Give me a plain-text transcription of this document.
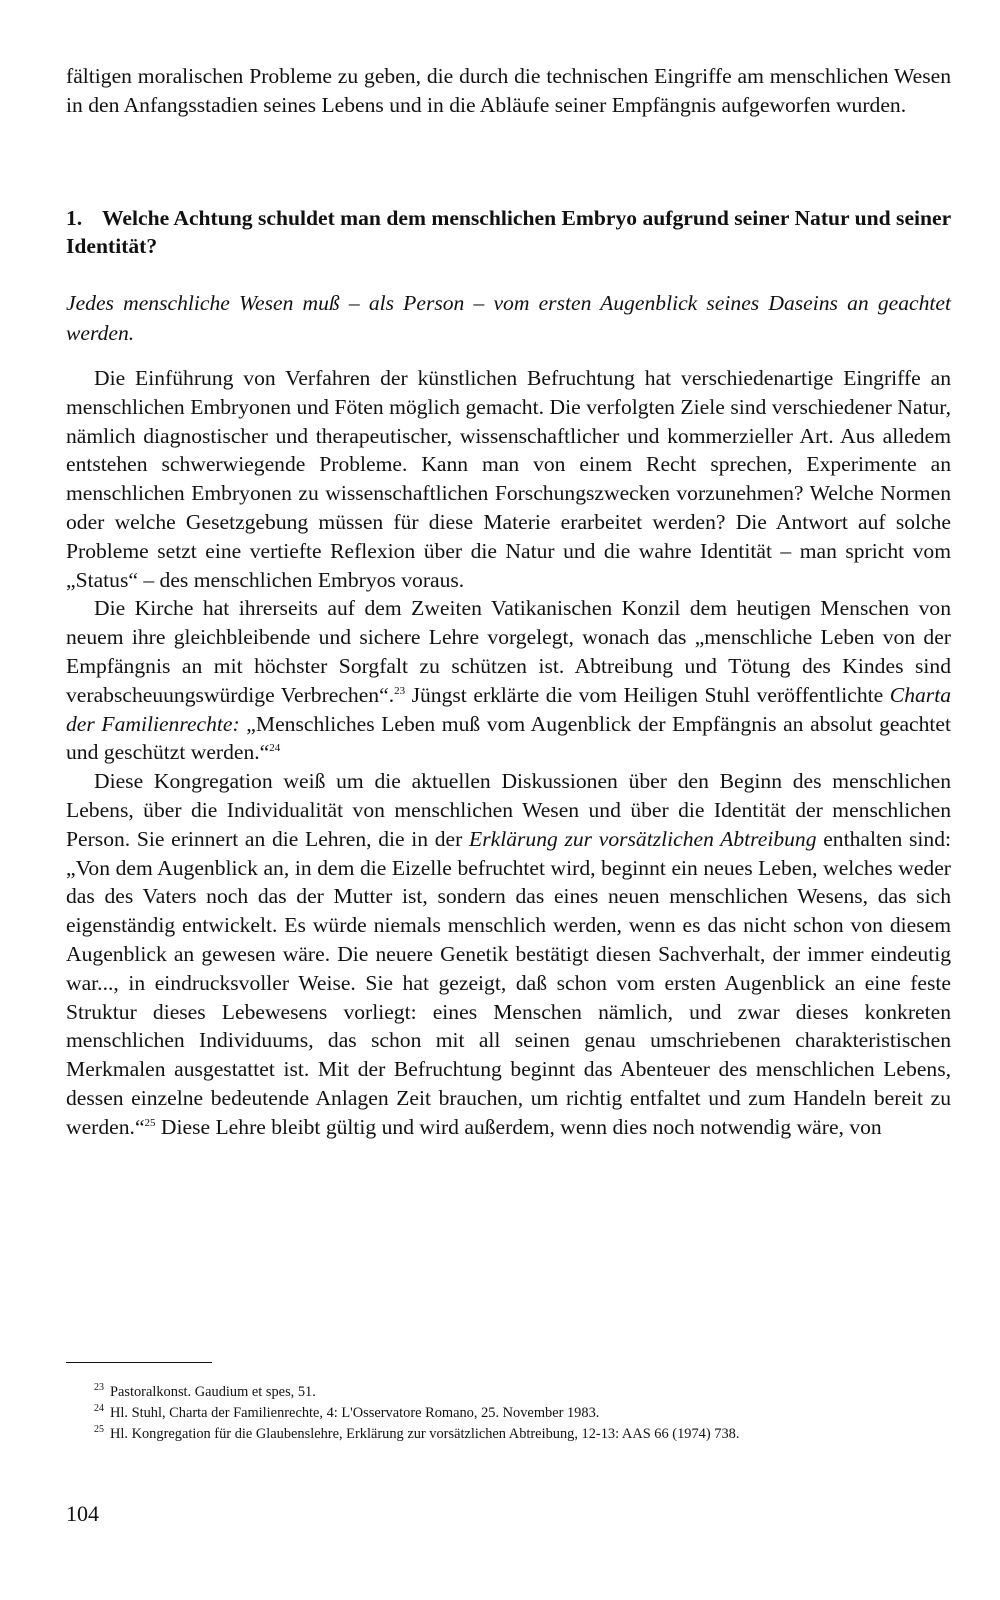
fältigen moralischen Probleme zu geben, die durch die technischen Eingriffe am menschlichen Wesen in den Anfangsstadien seines Lebens und in die Abläufe seiner Empfängnis aufgeworfen wurden.

1. Welche Achtung schuldet man dem menschlichen Embryo aufgrund seiner Natur und seiner Identität?

Jedes menschliche Wesen muß – als Person – vom ersten Augenblick seines Daseins an geachtet werden.

Die Einführung von Verfahren der künstlichen Befruchtung hat verschiedenartige Eingriffe an menschlichen Embryonen und Föten möglich gemacht. Die verfolgten Ziele sind verschiedener Natur, nämlich diagnostischer und therapeutischer, wissenschaftlicher und kommerzieller Art. Aus alledem entstehen schwerwiegende Probleme. Kann man von einem Recht sprechen, Experimente an menschlichen Embryonen zu wissenschaftlichen Forschungszwecken vorzunehmen? Welche Normen oder welche Gesetzgebung müssen für diese Materie erarbeitet werden? Die Antwort auf solche Probleme setzt eine vertiefte Reflexion über die Natur und die wahre Identität – man spricht vom „Status“ – des menschlichen Embryos voraus.

Die Kirche hat ihrerseits auf dem Zweiten Vatikanischen Konzil dem heutigen Menschen von neuem ihre gleichbleibende und sichere Lehre vorgelegt, wonach das „menschliche Leben von der Empfängnis an mit höchster Sorgfalt zu schützen ist. Abtreibung und Tötung des Kindes sind verabscheuungswürdige Verbrechen“.$^{23}$ Jüngst erklärte die vom Heiligen Stuhl veröffentlichte Charta der Familienrechte: „Menschliches Leben muß vom Augenblick der Empfängnis an absolut geachtet und geschützt werden.“$^{24}$

Diese Kongregation weiß um die aktuellen Diskussionen über den Beginn des menschlichen Lebens, über die Individualität von menschlichen Wesen und über die Identität der menschlichen Person. Sie erinnert an die Lehren, die in der Erklärung zur vorsätzlichen Abtreibung enthalten sind: „Von dem Augenblick an, in dem die Eizelle befruchtet wird, beginnt ein neues Leben, welches weder das des Vaters noch das der Mutter ist, sondern das eines neuen menschlichen Wesens, das sich eigenständig entwickelt. Es würde niemals menschlich werden, wenn es das nicht schon von diesem Augenblick an gewesen wäre. Die neuere Genetik bestätigt diesen Sachverhalt, der immer eindeutig war..., in eindrucksvoller Weise. Sie hat gezeigt, daß schon vom ersten Augenblick an eine feste Struktur dieses Lebewesens vorliegt: eines Menschen nämlich, und zwar dieses konkreten menschlichen Individuums, das schon mit all seinen genau umschriebenen charakteristischen Merkmalen ausgestattet ist. Mit der Befruchtung beginnt das Abenteuer des menschlichen Lebens, dessen einzelne bedeutende Anlagen Zeit brauchen, um richtig entfaltet und zum Handeln bereit zu werden.“$^{25}$ Diese Lehre bleibt gültig und wird außerdem, wenn dies noch notwendig wäre, von

23 Pastoralkonst. Gaudium et spes, 51.

24 Hl. Stuhl, Charta der Familienrechte, 4: L'Osservatore Romano, 25. November 1983.

25 Hl. Kongregation für die Glaubenslehre, Erklärung zur vorsätzlichen Abtreibung, 12-13: AAS 66 (1974) 738.

104
